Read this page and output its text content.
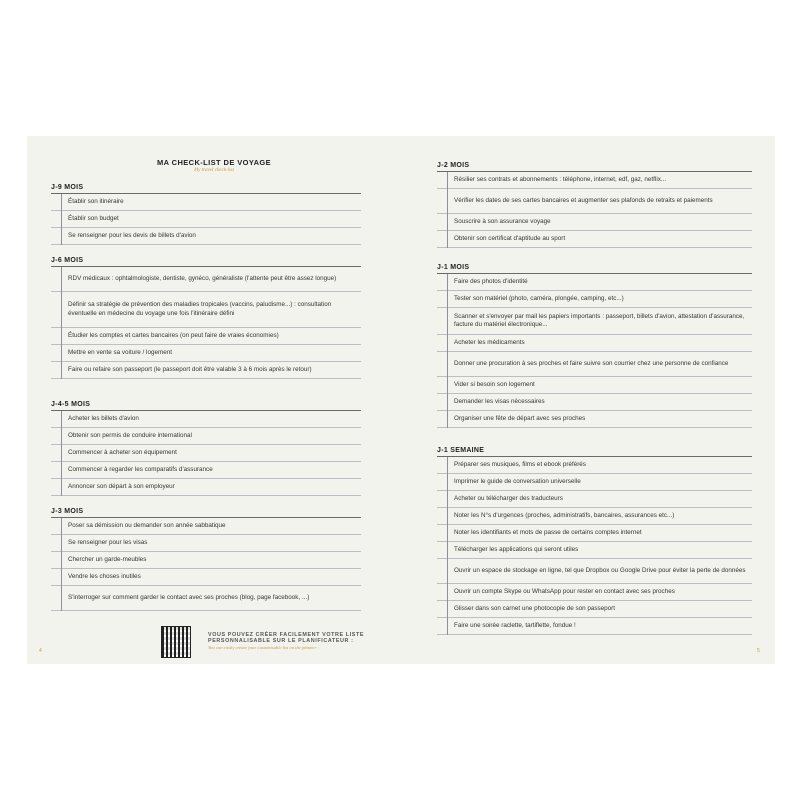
MA CHECK-LIST DE VOYAGE
My travel check-list
J-9 MOIS
Établir son itinéraire
Établir son budget
Se renseigner pour les devis de billets d'avion
J-6 MOIS
RDV médicaux : ophtalmologiste, dentiste, gynéco, généraliste (l'attente peut être assez longue)
Définir sa stratégie de prévention des maladies tropicales (vaccins, paludisme...) : consultation éventuelle en médecine du voyage une fois l'itinéraire défini
Étudier les comptes et cartes bancaires (on peut faire de vraies économies)
Mettre en vente sa voiture / logement
Faire ou refaire son passeport (le passeport doit être valable 3 à 6 mois après le retour)
J-4-5 MOIS
Acheter les billets d'avion
Obtenir son permis de conduire international
Commencer à acheter son équipement
Commencer à regarder les comparatifs d'assurance
Annoncer son départ à son employeur
J-3 MOIS
Poser sa démission ou demander son année sabbatique
Se renseigner pour les visas
Chercher un garde-meubles
Vendre les choses inutiles
S'interroger sur comment garder le contact avec ses proches (blog, page facebook, ...)
VOUS POUVEZ CRÉER FACILEMENT VOTRE LISTE
PERSONNALISABLE SUR LE PLANIFICATEUR :
You can easily create your customisable list on the planner :
4	5
J-2 MOIS
Résilier ses contrats et abonnements : téléphone, internet, edf, gaz, netflix...
Vérifier les dates de ses cartes bancaires et augmenter ses plafonds de retraits et paiements
Souscrire à son assurance voyage
Obtenir son certificat d'aptitude au sport
J-1 MOIS
Faire des photos d'identité
Tester son matériel (photo, caméra, plongée, camping, etc...)
Scanner et s'envoyer par mail les papiers importants : passeport, billets d'avion, attestation d'assurance, facture du matériel électronique...
Acheter les médicaments
Donner une procuration à ses proches et faire suivre son courrier chez une personne de confiance
Vider si besoin son logement
Demander les visas nécessaires
Organiser une fête de départ avec ses proches
J-1 SEMAINE
Préparer ses musiques, films et ebook préférés
Imprimer le guide de conversation universelle
Acheter ou télécharger des traducteurs
Noter les N°s d'urgences (proches, administratifs, bancaires, assurances etc...)
Noter les identifiants et mots de passe de certains comptes internet
Télécharger les applications qui seront utiles
Ouvrir un espace de stockage en ligne, tel que Dropbox ou Google Drive pour éviter la perte de données
Ouvrir un compte Skype ou WhatsApp pour rester en contact avec ses proches
Glisser dans son carnet une photocopie de son passeport
Faire une soirée raclette, tartiflette, fondue !
